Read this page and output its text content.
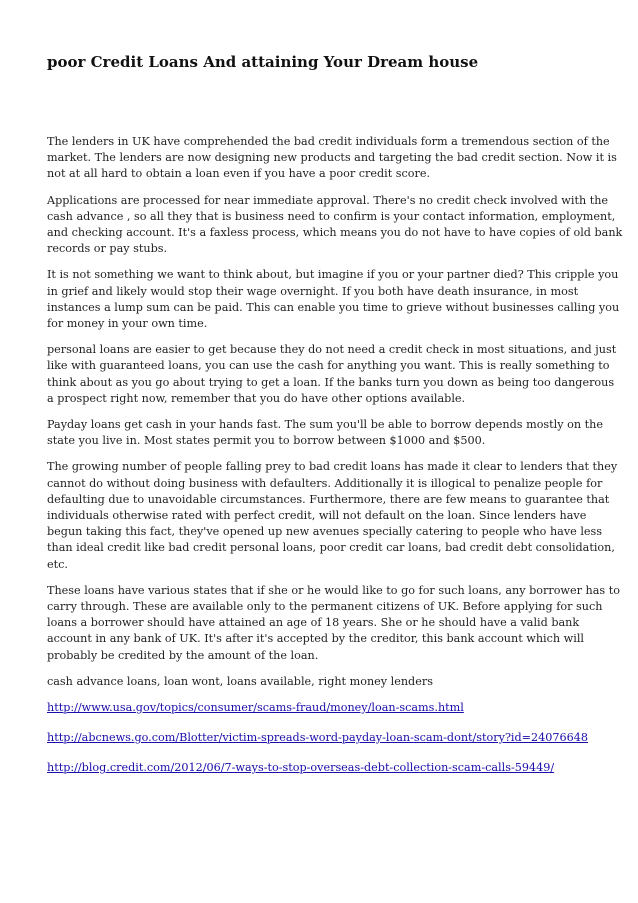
poor Credit Loans And attaining Your Dream house

The lenders in UK have comprehended the bad credit individuals form a tremendous section of the
market. The lenders are now designing new products and targeting the bad credit section. Now it is
not at all hard to obtain a loan even if you have a poor credit score.

Applications are processed for near immediate approval. There's no credit check involved with the
cash advance , so all they that is business need to confirm is your contact information, employment,
and checking account. It's a faxless process, which means you do not have to have copies of old bank
records or pay stubs.

It is not something we want to think about, but imagine if you or your partner died? This cripple you
in grief and likely would stop their wage overnight. If you both have death insurance, in most
instances a lump sum can be paid. This can enable you time to grieve without businesses calling you
for money in your own time.

personal loans are easier to get because they do not need a credit check in most situations, and just
like with guaranteed loans, you can use the cash for anything you want. This is really something to
think about as you go about trying to get a loan. If the banks turn you down as being too dangerous
a prospect right now, remember that you do have other options available.

Payday loans get cash in your hands fast. The sum you'll be able to borrow depends mostly on the
state you live in. Most states permit you to borrow between $1000 and $500.

The growing number of people falling prey to bad credit loans has made it clear to lenders that they
cannot do without doing business with defaulters. Additionally it is illogical to penalize people for
defaulting due to unavoidable circumstances. Furthermore, there are few means to guarantee that
individuals otherwise rated with perfect credit, will not default on the loan. Since lenders have
begun taking this fact, they've opened up new avenues specially catering to people who have less
than ideal credit like bad credit personal loans, poor credit car loans, bad credit debt consolidation,
etc.

These loans have various states that if she or he would like to go for such loans, any borrower has to
carry through. These are available only to the permanent citizens of UK. Before applying for such
loans a borrower should have attained an age of 18 years. She or he should have a valid bank
account in any bank of UK. It's after it's accepted by the creditor, this bank account which will
probably be credited by the amount of the loan.

cash advance loans, loan wont, loans available, right money lenders

http://www.usa.gov/topics/consumer/scams-fraud/money/loan-scams.html
http://abcnews.go.com/Blotter/victim-spreads-word-payday-loan-scam-dont/story?id=24076648
http://blog.credit.com/2012/06/7-ways-to-stop-overseas-debt-collection-scam-calls-59449/
